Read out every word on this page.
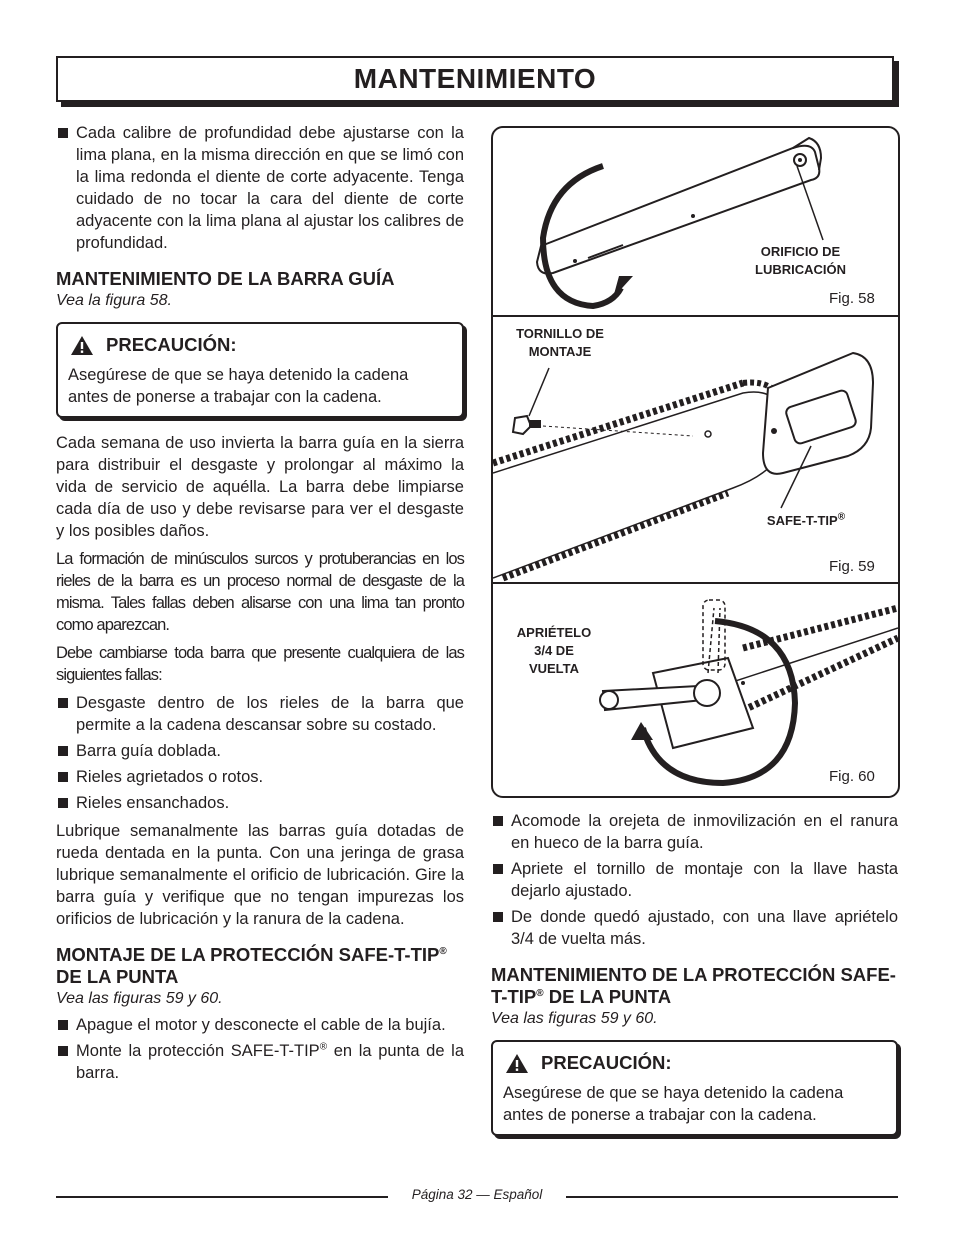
MANTENIMIENTO
Cada calibre de profundidad debe ajustarse con la lima plana, en la misma dirección en que se limó con la lima redonda el diente de corte adyacente. Tenga cuidado de no tocar la cara del diente de corte adyacente con la lima plana al ajustar los calibres de profundidad.
MANTENIMIENTO DE LA BARRA GUÍA
Vea la figura 58.
PRECAUCIÓN:

Asegúrese de que se haya detenido la cadena antes de ponerse a trabajar con la cadena.

Cada semana de uso invierta la barra guía en la sierra para distribuir el desgaste y prolongar al máximo la vida de servicio de aquélla. La barra debe limpiarse cada día de uso y debe revisarse para ver el desgaste y los posibles daños.

La formación de minúsculos surcos y protuberancias en los rieles de la barra es un proceso normal de desgaste de la misma. Tales fallas deben alisarse con una lima tan pronto como aparezcan.

Debe cambiarse toda barra que presente cualquiera de las siguientes fallas:

Desgaste dentro de los rieles de la barra que permite a la cadena descansar sobre su costado.
Barra guía doblada.
Rieles agrietados o rotos.
Rieles ensanchados.

Lubrique semanalmente las barras guía dotadas de rueda dentada en la punta. Con una jeringa de grasa lubrique semanalmente el orificio de lubricación. Gire la barra guía y verifique que no tengan impurezas los orificios de lubricación y la ranura de la cadena.

MONTAJE DE LA PROTECCIÓN SAFE-T-TIP® DE LA PUNTA
Vea las figuras 59 y 60.
Apague el motor y desconecte el cable de la bujía.
Monte la protección SAFE-T-TIP® en la punta de la barra.
Fig. 58
ORIFICIO DE LUBRICACIÓN
TORNILLO DE MONTAJE
SAFE-T-TIP®
Fig. 59
APRIÉTELO 3/4 DE VUELTA
Fig. 60
Acomode la orejeta de inmovilización en el ranura en hueco de la barra guía.
Apriete el tornillo de montaje con la llave hasta dejarlo ajustado.
De donde quedó ajustado, con una llave apriételo 3/4 de vuelta más.
MANTENIMIENTO DE LA PROTECCIÓN SAFE-T-TIP® DE LA PUNTA
Vea las figuras 59 y 60.
PRECAUCIÓN:

Asegúrese de que se haya detenido la cadena antes de ponerse a trabajar con la cadena.

Página 32 — Español
